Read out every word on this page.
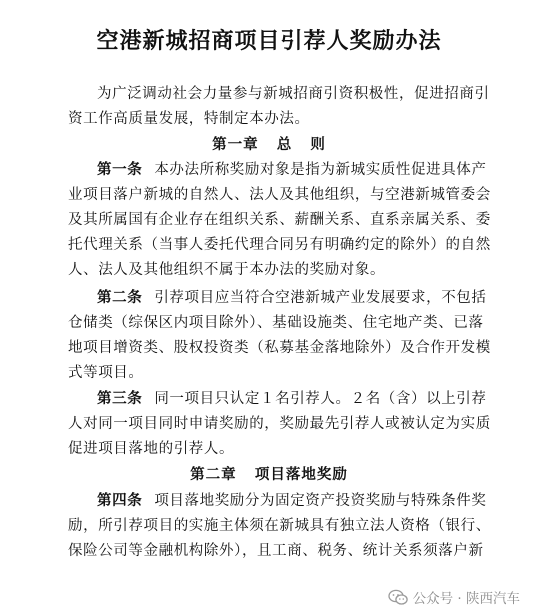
空港新城招商项目引荐人奖励办法
为广泛调动社会力量参与新城招商引资积极性，促进招商引资工作高质量发展，特制定本办法。
第一章   总   则
第一条 本办法所称奖励对象是指为新城实质性促进具体产业项目落户新城的自然人、法人及其他组织，与空港新城管委会及其所属国有企业存在组织关系、薪酬关系、直系亲属关系、委托代理关系（当事人委托代理合同另有明确约定的除外）的自然人、法人及其他组织不属于本办法的奖励对象。
第二条 引荐项目应当符合空港新城产业发展要求，不包括仓储类（综保区内项目除外）、基础设施类、住宅地产类、已落地项目增资类、股权投资类（私募基金落地除外）及合作开发模式等项目。
第三条 同一项目只认定１名引荐人。２名（含）以上引荐人对同一项目同时申请奖励的，奖励最先引荐人或被认定为实质促进项目落地的引荐人。
第二章   项目落地奖励
第四条 项目落地奖励分为固定资产投资奖励与特殊条件奖励，所引荐项目的实施主体须在新城具有独立法人资格（银行、保险公司等金融机构除外），且工商、税务、统计关系须落户新
公众号 · 陕西汽车
